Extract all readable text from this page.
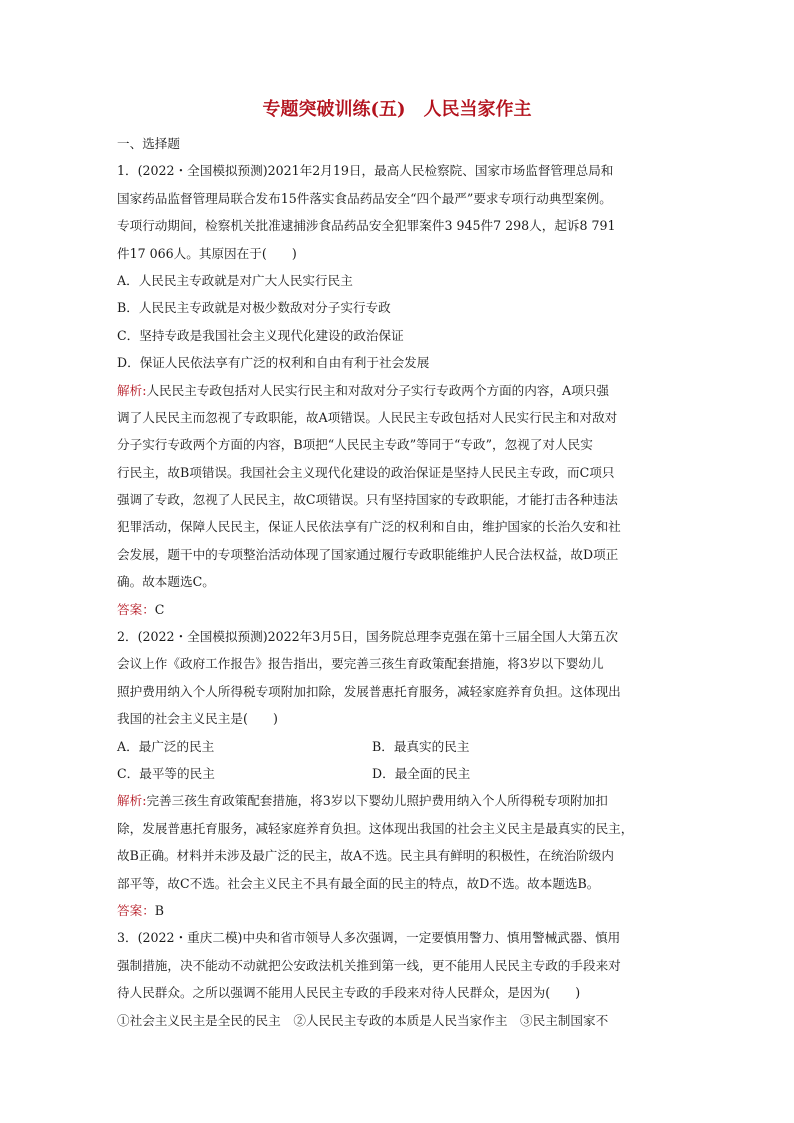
专题突破训练(五)　人民当家作主
一、选择题
1．(2022・全国模拟预测)2021年2月19日，最高人民检察院、国家市场监督管理总局和
国家药品监督管理局联合发布15件落实食品药品安全“四个最严”要求专项行动典型案例。
专项行动期间，检察机关批准逮捕涉食品药品安全犯罪案件3 945件7 298人，起诉8 791
件17 066人。其原因在于(　　)
A．人民民主专政就是对广大人民实行民主
B．人民民主专政就是对极少数敌对分子实行专政
C．坚持专政是我国社会主义现代化建设的政治保证
D．保证人民依法享有广泛的权利和自由有利于社会发展
解析:人民民主专政包括对人民实行民主和对敌对分子实行专政两个方面的内容，A项只强
调了人民民主而忽视了专政职能，故A项错误。人民民主专政包括对人民实行民主和对敌对
分子实行专政两个方面的内容，B项把“人民民主专政”等同于“专政”，忽视了对人民实
行民主，故B项错误。我国社会主义现代化建设的政治保证是坚持人民民主专政，而C项只
强调了专政，忽视了人民民主，故C项错误。只有坚持国家的专政职能，才能打击各种违法
犯罪活动，保障人民民主，保证人民依法享有广泛的权利和自由，维护国家的长治久安和社
会发展，题干中的专项整治活动体现了国家通过履行专政职能维护人民合法权益，故D项正
确。故本题选C。
答案：C
2．(2022・全国模拟预测)2022年3月5日，国务院总理李克强在第十三届全国人大第五次
会议上作《政府工作报告》报告指出，要完善三孩生育政策配套措施，将3岁以下婴幼儿
照护费用纳入个人所得税专项附加扣除，发展普惠托育服务，减轻家庭养育负担。这体现出
我国的社会主义民主是(　　)
A．最广泛的民主	B．最真实的民主
C．最平等的民主	D．最全面的民主
解析:完善三孩生育政策配套措施，将3岁以下婴幼儿照护费用纳入个人所得税专项附加扣
除，发展普惠托育服务，减轻家庭养育负担。这体现出我国的社会主义民主是最真实的民主，
故B正确。材料并未涉及最广泛的民主，故A不选。民主具有鲜明的积极性，在统治阶级内
部平等，故C不选。社会主义民主不具有最全面的民主的特点，故D不选。故本题选B。
答案：B
3．(2022・重庆二模)中央和省市领导人多次强调，一定要慎用警力、慎用警械武器、慎用
强制措施，决不能动不动就把公安政法机关推到第一线，更不能用人民民主专政的手段来对
待人民群众。之所以强调不能用人民民主专政的手段来对待人民群众，是因为(　　)
①社会主义民主是全民的民主　②人民民主专政的本质是人民当家作主　③民主制国家不
